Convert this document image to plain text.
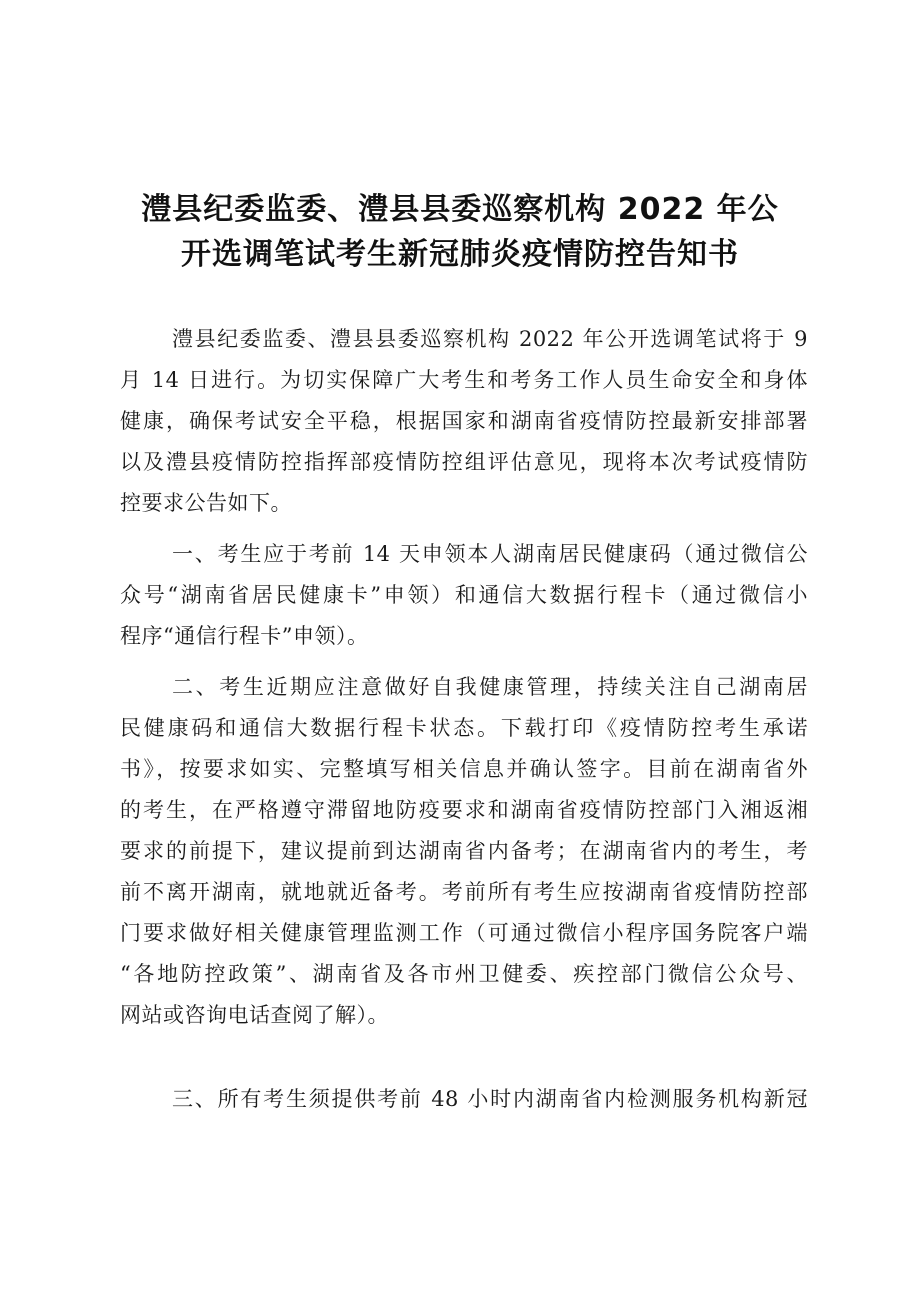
澧县纪委监委、澧县县委巡察机构 2022 年公
开选调笔试考生新冠肺炎疫情防控告知书
澧县纪委监委、澧县县委巡察机构 2022 年公开选调笔试将于 9
月 14 日进行。为切实保障广大考生和考务工作人员生命安全和身体
健康，确保考试安全平稳，根据国家和湖南省疫情防控最新安排部署
以及澧县疫情防控指挥部疫情防控组评估意见，现将本次考试疫情防
控要求公告如下。
一、考生应于考前 14 天申领本人湖南居民健康码（通过微信公
众号“湖南省居民健康卡”申领）和通信大数据行程卡（通过微信小
程序“通信行程卡”申领）。
二、考生近期应注意做好自我健康管理，持续关注自己湖南居
民健康码和通信大数据行程卡状态。下载打印《疫情防控考生承诺
书》，按要求如实、完整填写相关信息并确认签字。目前在湖南省外
的考生，在严格遵守滞留地防疫要求和湖南省疫情防控部门入湘返湘
要求的前提下，建议提前到达湖南省内备考；在湖南省内的考生，考
前不离开湖南，就地就近备考。考前所有考生应按湖南省疫情防控部
门要求做好相关健康管理监测工作（可通过微信小程序国务院客户端
“各地防控政策”、湖南省及各市州卫健委、疾控部门微信公众号、
网站或咨询电话查阅了解）。
三、所有考生须提供考前 48 小时内湖南省内检测服务机构新冠
